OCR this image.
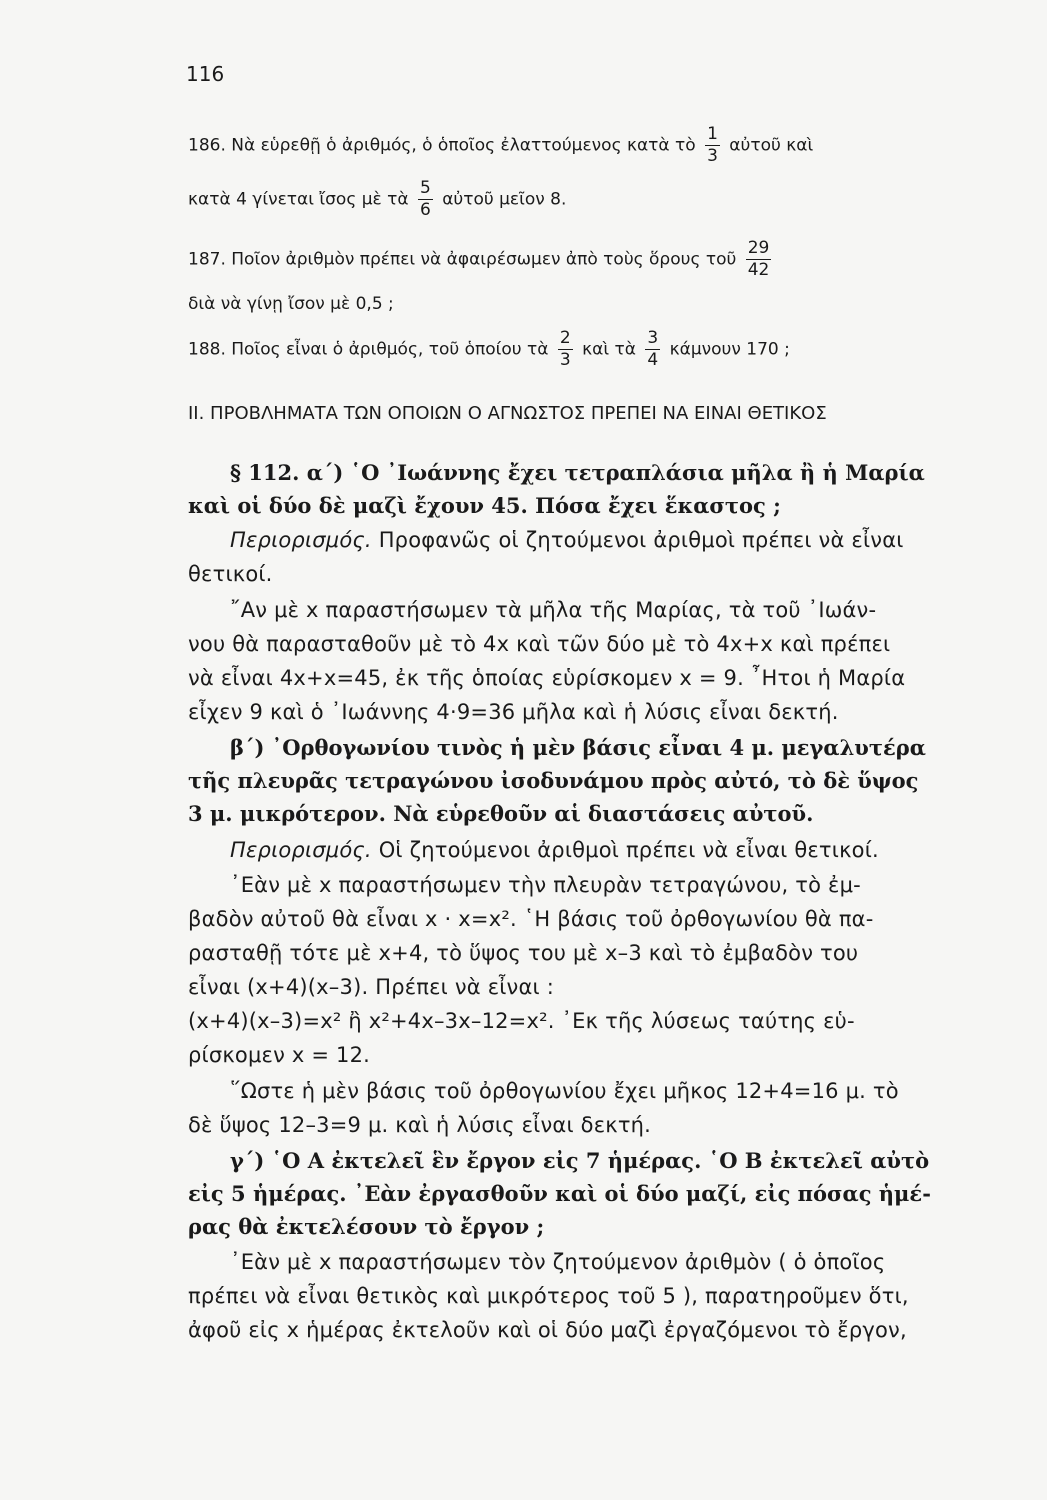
116
186. Νὰ εὑρεθῇ ὁ ἀριθμός, ὁ ὁποῖος ἐλαττούμενος κατὰ τὸ $\frac{1}{3}$ αὐτοῦ καὶ
κατὰ 4 γίνεται ἴσος μὲ τὰ $\frac{5}{6}$ αὐτοῦ μεῖον 8.
187. Ποῖον ἀριθμὸν πρέπει νὰ ἀφαιρέσωμεν ἀπὸ τοὺς ὅρους τοῦ $\frac{29}{42}$
διὰ νὰ γίνῃ ἴσον μὲ 0,5 ;
188. Ποῖος εἶναι ὁ ἀριθμός, τοῦ ὁποίου τὰ $\frac{2}{3}$ καὶ τὰ $\frac{3}{4}$ κάμνουν 170 ;
ΙΙ. ΠΡΟΒΛΗΜΑΤΑ ΤΩΝ ΟΠΟΙΩΝ Ο ΑΓΝΩΣΤΟΣ ΠΡΕΠΕΙ ΝΑ ΕΙΝΑΙ ΘΕΤΙΚΟΣ
§ 112. α΄) ῾Ο ᾿Ιωάννης ἔχει τετραπλάσια μῆλα ἢ ἡ Μαρία
καὶ οἱ δύο δὲ μαζὶ ἔχουν 45. Πόσα ἔχει ἕκαστος ;
Περιορισμός. Προφανῶς οἱ ζητούμενοι ἀριθμοὶ πρέπει νὰ εἶναι
θετικοί.
῎Αν μὲ x παραστήσωμεν τὰ μῆλα τῆς Μαρίας, τὰ τοῦ ᾿Ιωάν-
νου θὰ παρασταθοῦν μὲ τὸ 4x καὶ τῶν δύο μὲ τὸ 4x+x καὶ πρέπει
νὰ εἶναι 4x+x=45, ἐκ τῆς ὁποίας εὑρίσκομεν x = 9. ῏Ητοι ἡ Μαρία
εἶχεν 9 καὶ ὁ ᾿Ιωάννης 4·9=36 μῆλα καὶ ἡ λύσις εἶναι δεκτή.
β΄) ᾿Ορθογωνίου τινὸς ἡ μὲν βάσις εἶναι 4 μ. μεγαλυτέρα
τῆς πλευρᾶς τετραγώνου ἰσοδυνάμου πρὸς αὐτό, τὸ δὲ ὕψος
3 μ. μικρότερον. Νὰ εὑρεθοῦν αἱ διαστάσεις αὐτοῦ.
Περιορισμός. Οἱ ζητούμενοι ἀριθμοὶ πρέπει νὰ εἶναι θετικοί.
᾿Εὰν μὲ x παραστήσωμεν τὴν πλευρὰν τετραγώνου, τὸ ἐμ-
βαδὸν αὐτοῦ θὰ εἶναι x · x=x². ῾Η βάσις τοῦ ὀρθογωνίου θὰ πα-
ρασταθῇ τότε μὲ x+4, τὸ ὕψος του μὲ x–3 καὶ τὸ ἐμβαδὸν του
εἶναι (x+4)(x–3). Πρέπει νὰ εἶναι :
(x+4)(x–3)=x² ἢ x²+4x–3x–12=x². ᾿Εκ τῆς λύσεως ταύτης εὑ-
ρίσκομεν x = 12.
῞Ωστε ἡ μὲν βάσις τοῦ ὀρθογωνίου ἔχει μῆκος 12+4=16 μ. τὸ
δὲ ὕψος 12–3=9 μ. καὶ ἡ λύσις εἶναι δεκτή.
γ΄) ῾Ο Α ἐκτελεῖ ἓν ἔργον εἰς 7 ἡμέρας. ῾Ο Β ἐκτελεῖ αὐτὸ
εἰς 5 ἡμέρας. ᾿Εὰν ἐργασθοῦν καὶ οἱ δύο μαζί, εἰς πόσας ἡμέ-
ρας θὰ ἐκτελέσουν τὸ ἔργον ;
᾿Εὰν μὲ x παραστήσωμεν τὸν ζητούμενον ἀριθμὸν ( ὁ ὁποῖος
πρέπει νὰ εἶναι θετικὸς καὶ μικρότερος τοῦ 5 ), παρατηροῦμεν ὅτι,
ἀφοῦ εἰς x ἡμέρας ἐκτελοῦν καὶ οἱ δύο μαζὶ ἐργαζόμενοι τὸ ἔργον,
